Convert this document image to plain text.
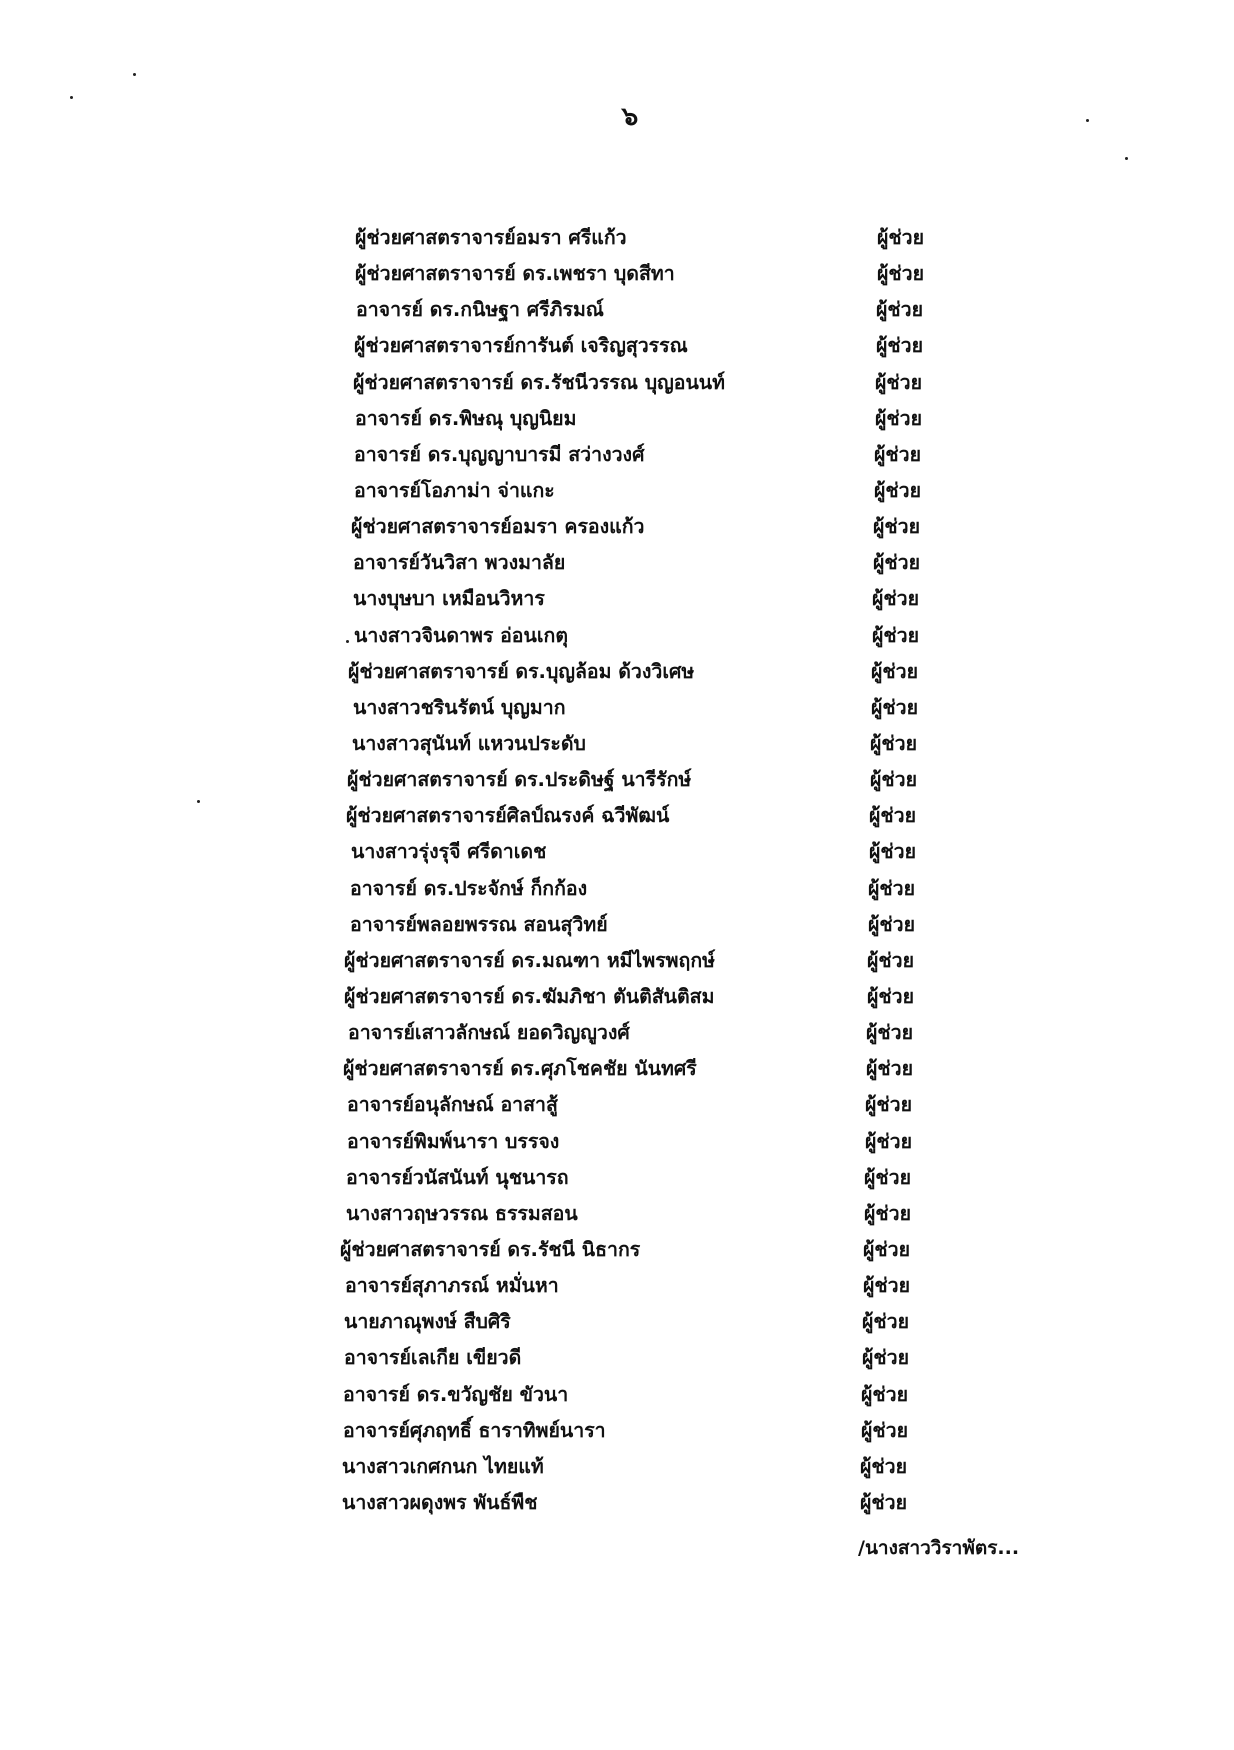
๖
ผู้ช่วยศาสตราจารย์อมรา ศรีแก้ว	ผู้ช่วย
ผู้ช่วยศาสตราจารย์ ดร.เพชรา บุดสีทา	ผู้ช่วย
อาจารย์ ดร.กนิษฐา ศรีภิรมณ์	ผู้ช่วย
ผู้ช่วยศาสตราจารย์การันต์ เจริญสุวรรณ	ผู้ช่วย
ผู้ช่วยศาสตราจารย์ ดร.รัชนีวรรณ บุญอนนท์	ผู้ช่วย
อาจารย์ ดร.พิษณุ บุญนิยม	ผู้ช่วย
อาจารย์ ดร.บุญญาบารมี สว่างวงศ์	ผู้ช่วย
อาจารย์โอภาม่า จ่าแกะ	ผู้ช่วย
ผู้ช่วยศาสตราจารย์อมรา ครองแก้ว	ผู้ช่วย
อาจารย์วันวิสา พวงมาลัย	ผู้ช่วย
นางบุษบา เหมือนวิหาร	ผู้ช่วย
นางสาวจินดาพร อ่อนเกตุ	ผู้ช่วย
ผู้ช่วยศาสตราจารย์ ดร.บุญล้อม ด้วงวิเศษ	ผู้ช่วย
นางสาวชรินรัตน์ บุญมาก	ผู้ช่วย
นางสาวสุนันท์ แหวนประดับ	ผู้ช่วย
ผู้ช่วยศาสตราจารย์ ดร.ประดิษฐ์ นารีรักษ์	ผู้ช่วย
ผู้ช่วยศาสตราจารย์ศิลป์ณรงค์ ฉวีพัฒน์	ผู้ช่วย
นางสาวรุ่งรุจี ศรีดาเดช	ผู้ช่วย
อาจารย์ ดร.ประจักษ์ ก็กก้อง	ผู้ช่วย
อาจารย์พลอยพรรณ สอนสุวิทย์	ผู้ช่วย
ผู้ช่วยศาสตราจารย์ ดร.มณฑา หมีไพรพฤกษ์	ผู้ช่วย
ผู้ช่วยศาสตราจารย์ ดร.ฆัมภิชา ตันติสันติสม	ผู้ช่วย
อาจารย์เสาวลักษณ์ ยอดวิญญูวงศ์	ผู้ช่วย
ผู้ช่วยศาสตราจารย์ ดร.ศุภโชคชัย นันทศรี	ผู้ช่วย
อาจารย์อนุลักษณ์ อาสาสู้	ผู้ช่วย
อาจารย์พิมพ์นารา บรรจง	ผู้ช่วย
อาจารย์วนัสนันท์ นุชนารถ	ผู้ช่วย
นางสาวฤษวรรณ ธรรมสอน	ผู้ช่วย
ผู้ช่วยศาสตราจารย์ ดร.รัชนี นิธากร	ผู้ช่วย
อาจารย์สุภาภรณ์ หมั่นหา	ผู้ช่วย
นายภาณุพงษ์ สืบศิริ	ผู้ช่วย
อาจารย์เลเกีย เขียวดี	ผู้ช่วย
อาจารย์ ดร.ขวัญชัย ขัวนา	ผู้ช่วย
อาจารย์ศุภฤทธิ์ ธาราทิพย์นารา	ผู้ช่วย
นางสาวเกศกนก ไทยแท้	ผู้ช่วย
นางสาวผดุงพร พันธ์พืช	ผู้ช่วย
/นางสาววิราพัตร...
